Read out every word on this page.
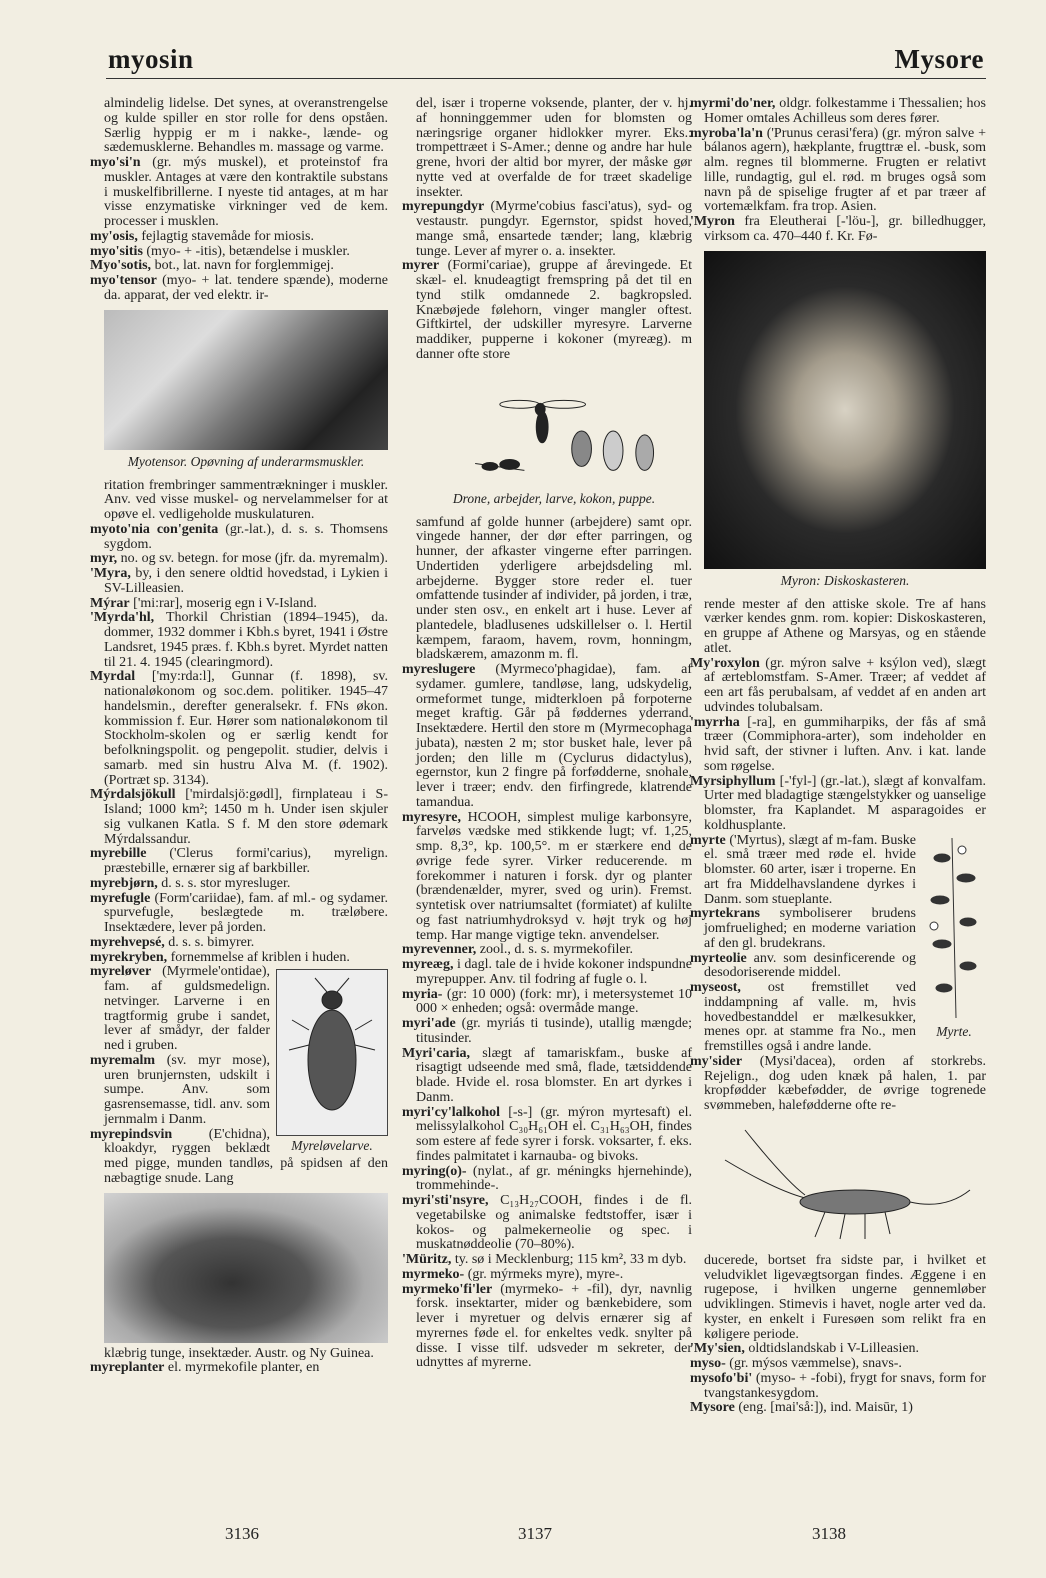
myosin	Mysore

almindelig lidelse. Det synes, at overanstrengelse og kulde spiller en stor rolle for dens opståen. Særlig hyppig er m i nakke-, lænde- og sædemusklerne. Behandles m. massage og varme.

myo'si'n (gr. mýs muskel), et proteinstof fra muskler. Antages at være den kontraktile substans i muskelfibrillerne. I nyeste tid antages, at m har visse enzymatiske virkninger ved de kem. processer i musklen.

my'osis, fejlagtig stavemåde for miosis.

myo'sitis (myo- + -itis), betændelse i muskler.

Myo'sotis, bot., lat. navn for forglemmigej.

myo'tensor (myo- + lat. tendere spænde), moderne da. apparat, der ved elektr. ir-

Myotensor. Opøvning af underarmsmuskler.

ritation frembringer sammentrækninger i muskler. Anv. ved visse muskel- og nervelammelser for at opøve el. vedligeholde muskulaturen.

myoto'nia con'genita (gr.-lat.), d. s. s. Thomsens sygdom.

myr, no. og sv. betegn. for mose (jfr. da. myremalm).

'Myra, by, i den senere oldtid hovedstad, i Lykien i SV-Lilleasien.

Mýrar ['mi:rar], moserig egn i V-Island.

'Myrda'hl, Thorkil Christian (1894–1945), da. dommer, 1932 dommer i Kbh.s byret, 1941 i Østre Landsret, 1945 præs. f. Kbh.s byret. Myrdet natten til 21. 4. 1945 (clearingmord).

Myrdal ['my:rda:l], Gunnar (f. 1898), sv. nationaløkonom og soc.dem. politiker. 1945–47 handelsmin., derefter generalsekr. f. FNs økon. kommission f. Eur. Hører som nationaløkonom til Stockholm-skolen og er særlig kendt for befolkningspolit. og pengepolit. studier, delvis i samarb. med sin hustru Alva M. (f. 1902). (Portræt sp. 3134).

Mýrdalsjökull ['mirdalsjö:gødl], firnplateau i S-Island; 1000 km²; 1450 m h. Under isen skjuler sig vulkanen Katla. S f. M den store ødemark Mýrdalssandur.

myrebille ('Clerus formi'carius), myrelign. præstebille, ernærer sig af barkbiller.

myrebjørn, d. s. s. stor myresluger.

myrefugle (Form'cariidae), fam. af ml.- og sydamer. spurvefugle, beslægtede m. træløbere. Insektædere, lever på jorden.

myrehvepsé, d. s. s. bimyrer.

myrekryben, fornemmelse af kriblen i huden.

Myreløvelarve.

myreløver (Myrmele'ontidae), fam. af guldsmedelign. netvinger. Larverne i en tragtformig grube i sandet, lever af smådyr, der falder ned i gruben.

myremalm (sv. myr mose), uren brunjernsten, udskilt i sumpe. Anv. som gasrensemasse, tidl. anv. som jernmalm i Danm.

myrepindsvin (E'chidna), kloakdyr, ryggen beklædt med pigge, munden tandløs, på spidsen af den næbagtige snude. Lang

klæbrig tunge, insektæder. Austr. og Ny Guinea.

myreplanter el. myrmekofile planter, en

del, især i troperne voksende, planter, der v. hj. af honninggemmer uden for blomsten og næringsrige organer hidlokker myrer. Eks.: trompettræet i S-Amer.; denne og andre har hule grene, hvori der altid bor myrer, der måske gør nytte ved at overfalde de for træet skadelige insekter.

myrepungdyr (Myrme'cobius fasci'atus), syd- og vestaustr. pungdyr. Egernstor, spidst hoved, mange små, ensartede tænder; lang, klæbrig tunge. Lever af myrer o. a. insekter.

myrer (Formi'cariae), gruppe af årevingede. Et skæl- el. knudeagtigt fremspring på det til en tynd stilk omdannede 2. bagkropsled. Knæbøjede følehorn, vinger mangler oftest. Giftkirtel, der udskiller myresyre. Larverne maddiker, pupperne i kokoner (myreæg). m danner ofte store

Drone, arbejder, larve, kokon, puppe.

samfund af golde hunner (arbejdere) samt opr. vingede hanner, der dør efter parringen, og hunner, der afkaster vingerne efter parringen. Undertiden yderligere arbejdsdeling ml. arbejderne. Bygger store reder el. tuer omfattende tusinder af individer, på jorden, i træ, under sten osv., en enkelt art i huse. Lever af plantedele, bladlusenes udskillelser o. l. Hertil kæmpem, faraom, havem, rovm, honningm, bladskærem, amazonm m. fl.

myreslugere (Myrmeco'phagidae), fam. af sydamer. gumlere, tandløse, lang, udskydelig, ormeformet tunge, midterkloen på forpoterne meget kraftig. Går på føddernes yderrand. Insektædere. Hertil den store m (Myrmecophaga jubata), næsten 2 m; stor busket hale, lever på jorden; den lille m (Cyclurus didactylus), egernstor, kun 2 fingre på forfødderne, snohale, lever i træer; endv. den firfingrede, klatrende tamandua.

myresyre, HCOOH, simplest mulige karbonsyre, farveløs vædske med stikkende lugt; vf. 1,25, smp. 8,3°, kp. 100,5°. m er stærkere end de øvrige fede syrer. Virker reducerende. m forekommer i naturen i forsk. dyr og planter (brændenælder, myrer, sved og urin). Fremst. syntetisk over natriumsaltet (formiatet) af kulilte og fast natriumhydroksyd v. højt tryk og høj temp. Har mange vigtige tekn. anvendelser.

myrevenner, zool., d. s. s. myrmekofiler.

myreæg, i dagl. tale de i hvide kokoner indspundne myrepupper. Anv. til fodring af fugle o. l.

myria- (gr: 10 000) (fork: mr), i metersystemet 10 000 × enheden; også: overmåde mange.

myri'ade (gr. myriás ti tusinde), utallig mængde; titusinder.

Myri'caria, slægt af tamariskfam., buske af risagtigt udseende med små, flade, tætsiddende blade. Hvide el. rosa blomster. En art dyrkes i Danm.

myri'cy'lalkohol [-s-] (gr. mýron myrtesaft) el. melissylalkohol C₃₀H₆₁OH el. C₃₁H₆₃OH, findes som estere af fede syrer i forsk. voksarter, f. eks. findes palmitatet i karnauba- og bivoks.

myring(o)- (nylat., af gr. méningks hjernehinde), trommehinde-.

myri'sti'nsyre, C₁₃H₂₇COOH, findes i de fl. vegetabilske og animalske fedtstoffer, især i kokos- og palmekerneolie og spec. i muskatnøddeolie (70–80%).

'Müritz, ty. sø i Mecklenburg; 115 km², 33 m dyb.

myrmeko- (gr. mýrmeks myre), myre-.

myrmeko'fi'ler (myrmeko- + -fil), dyr, navnlig forsk. insektarter, mider og bænkebidere, som lever i myretuer og delvis ernærer sig af myrernes føde el. for enkeltes vedk. snylter på disse. I visse tilf. udsveder m sekreter, der udnyttes af myrerne.

myrmi'do'ner, oldgr. folkestamme i Thessalien; hos Homer omtales Achilleus som deres fører.

myroba'la'n ('Prunus cerasi'fera) (gr. mýron salve + bálanos agern), hækplante, frugttræ el. -busk, som alm. regnes til blommerne. Frugten er relativt lille, rundagtig, gul el. rød. m bruges også som navn på de spiselige frugter af et par træer af vortemælkfam. fra trop. Asien.

'Myron fra Eleutherai [-'löu-], gr. billedhugger, virksom ca. 470–440 f. Kr. Fø-

Myron: Diskoskasteren.

rende mester af den attiske skole. Tre af hans værker kendes gnm. rom. kopier: Diskoskasteren, en gruppe af Athene og Marsyas, og en stående atlet.

My'roxylon (gr. mýron salve + ksýlon ved), slægt af ærteblomstfam. S-Amer. Træer; af veddet af een art fås perubalsam, af veddet af en anden art udvindes tolubalsam.

'myrrha [-ra], en gummiharpiks, der fås af små træer (Commiphora-arter), som indeholder en hvid saft, der stivner i luften. Anv. i kat. lande som røgelse.

Myrsiphyllum [-'fyl-] (gr.-lat.), slægt af konvalfam. Urter med bladagtige stængelstykker og uanselige blomster, fra Kaplandet. M asparagoides er koldhusplante.

Myrte.

myrte ('Myrtus), slægt af m-fam. Buske el. små træer med røde el. hvide blomster. 60 arter, især i troperne. En art fra Middelhavslandene dyrkes i Danm. som stueplante.

myrtekrans symboliserer brudens jomfruelighed; en moderne variation af den gl. brudekrans.

myrteolie anv. som desinficerende og desodoriserende middel.

myseost, ost fremstillet ved inddampning af valle. m, hvis hovedbestanddel er mælkesukker, menes opr. at stamme fra No., men fremstilles også i andre lande.

my'sider (Mysi'dacea), orden af storkrebs. Rejelign., dog uden knæk på halen, 1. par kropfødder kæbefødder, de øvrige togrenede svømmeben, halefødderne ofte re-

ducerede, bortset fra sidste par, i hvilket et veludviklet ligevægtsorgan findes. Æggene i en rugepose, i hvilken ungerne gennemløber udviklingen. Stimevis i havet, nogle arter ved da. kyster, en enkelt i Furesøen som relikt fra en køligere periode.

'My'sien, oldtidslandskab i V-Lilleasien.

myso- (gr. mýsos væmmelse), snavs-.

mysofo'bi' (myso- + -fobi), frygt for snavs, form for tvangstankesygdom.

Mysore (eng. [mai'så:]), ind. Maisūr, 1)

3136	3137	3138
